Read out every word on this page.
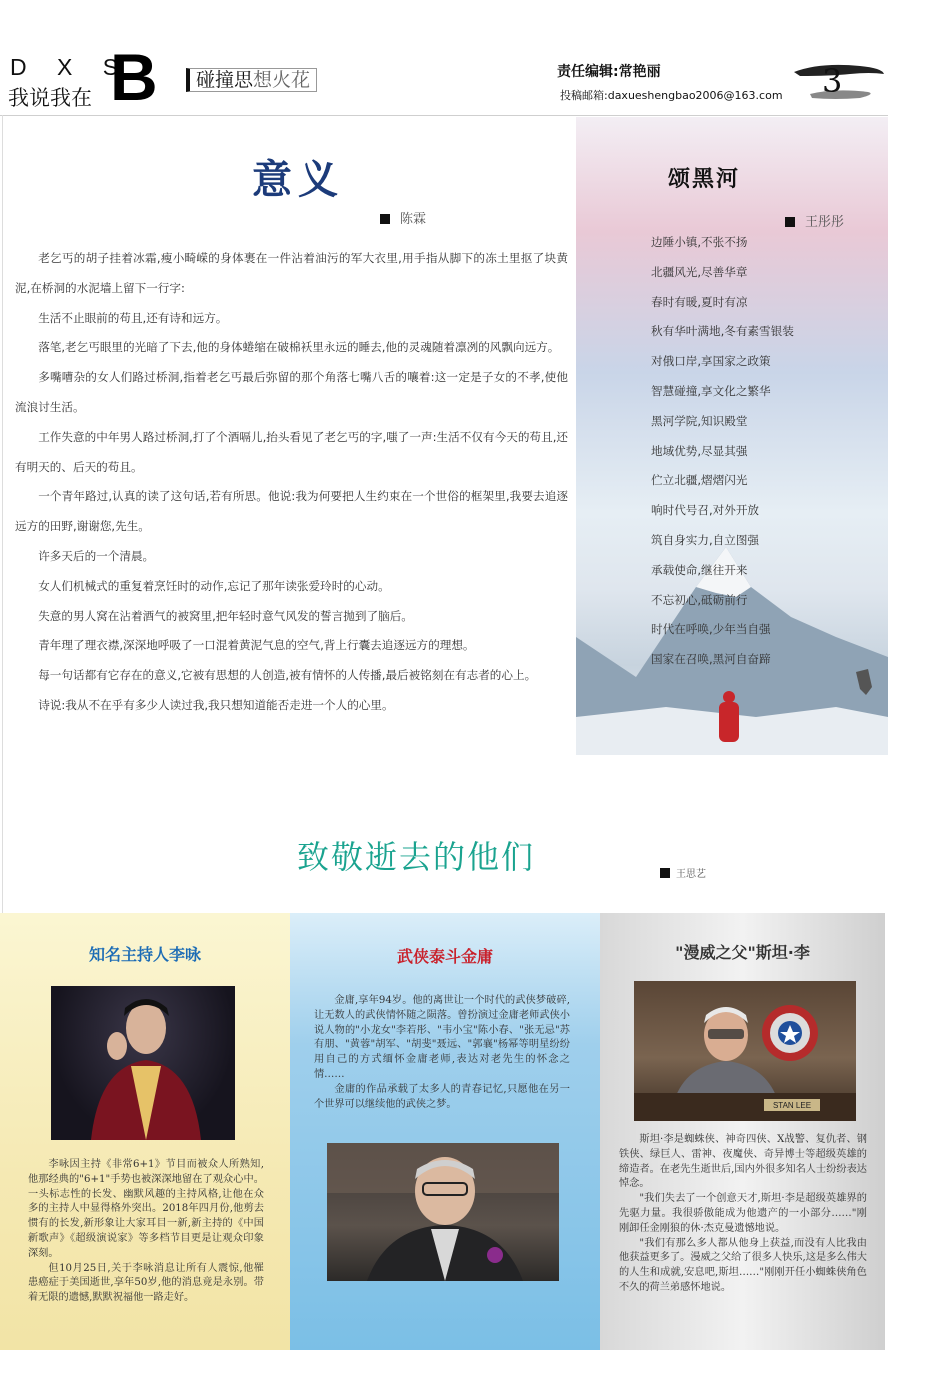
D X S
我说我在 B	碰撞思想火花	责任编辑:常艳丽
投稿邮箱:daxueshengbao2006@163.com 3
意义
陈霖

老乞丐的胡子挂着冰霜,瘦小畸嵘的身体裹在一件沾着油污的军大衣里,用手指从脚下的冻土里抠了块黄泥,在桥洞的水泥墙上留下一行字:

生活不止眼前的苟且,还有诗和远方。

落笔,老乞丐眼里的光暗了下去,他的身体蜷缩在破棉袄里永远的睡去,他的灵魂随着凛冽的风飘向远方。

多嘴嘈杂的女人们路过桥洞,指着老乞丐最后弥留的那个角落七嘴八舌的嚷着:这一定是子女的不孝,使他流浪讨生活。

工作失意的中年男人路过桥洞,打了个酒嗝儿,抬头看见了老乞丐的字,嗤了一声:生活不仅有今天的苟且,还有明天的、后天的苟且。

一个青年路过,认真的读了这句话,若有所思。他说:我为何要把人生约束在一个世俗的框架里,我要去追逐远方的田野,谢谢您,先生。

许多天后的一个清晨。

女人们机械式的重复着烹饪时的动作,忘记了那年读张爱玲时的心动。

失意的男人窝在沾着酒气的被窝里,把年轻时意气风发的誓言抛到了脑后。

青年理了理衣襟,深深地呼吸了一口混着黄泥气息的空气,背上行囊去追逐远方的理想。

每一句话都有它存在的意义,它被有思想的人创造,被有情怀的人传播,最后被铭刻在有志者的心上。

诗说:我从不在乎有多少人读过我,我只想知道能否走进一个人的心里。

颂黑河
王彤彤
边陲小镇,不张不扬
北疆风光,尽善华章
春时有暖,夏时有凉
秋有华叶满地,冬有素雪银装
对俄口岸,享国家之政策
智慧碰撞,享文化之繁华
黑河学院,知识殿堂
地域优势,尽显其强
伫立北疆,熠熠闪光
响时代号召,对外开放
筑自身实力,自立图强
承载使命,继往开来
不忘初心,砥砺前行
时代在呼唤,少年当自强
国家在召唤,黑河自奋蹄
致敬逝去的他们	王思艺
知名主持人李咏	武侠泰斗金庸	"漫威之父"斯坦·李
STAN LEE

李咏因主持《非常6+1》节目而被众人所熟知,他那经典的"6+1"手势也被深深地留在了观众心中。一头标志性的长发、幽默风趣的主持风格,让他在众多的主持人中显得格外突出。2018年四月份,他剪去惯有的长发,新形象让大家耳目一新,新主持的《中国新歌声》《超级演说家》等多档节目更是让观众印象深刻。

但10月25日,关于李咏消息让所有人震惊,他罹患癌症于美国逝世,享年50岁,他的消息竟是永别。带着无限的遗憾,默默祝福他一路走好。

金庸,享年94岁。他的离世让一个时代的武侠梦破碎,让无数人的武侠情怀随之陨落。曾扮演过金庸老师武侠小说人物的"小龙女"李若彤、"韦小宝"陈小春、"张无忌"苏有朋、"黄蓉"胡军、"胡斐"聂远、"郭襄"杨幂等明星纷纷用自己的方式缅怀金庸老师,表达对老先生的怀念之情……

金庸的作品承载了太多人的青春记忆,只愿他在另一个世界可以继续他的武侠之梦。

斯坦·李是蜘蛛侠、神奇四侠、X战警、复仇者、钢铁侠、绿巨人、雷神、夜魔侠、奇异博士等超级英雄的缔造者。在老先生逝世后,国内外很多知名人士纷纷表达悼念。

"我们失去了一个创意天才,斯坦·李是超级英雄界的先驱力量。我很骄傲能成为他遗产的一小部分……"刚刚卸任金刚狼的休·杰克曼遗憾地说。

"我们有那么多人都从他身上获益,而没有人比我由他获益更多了。漫威之父给了很多人快乐,这是多么伟大的人生和成就,安息吧,斯坦……"刚刚开任小蜘蛛侠角色不久的荷兰弟感怀地说。
